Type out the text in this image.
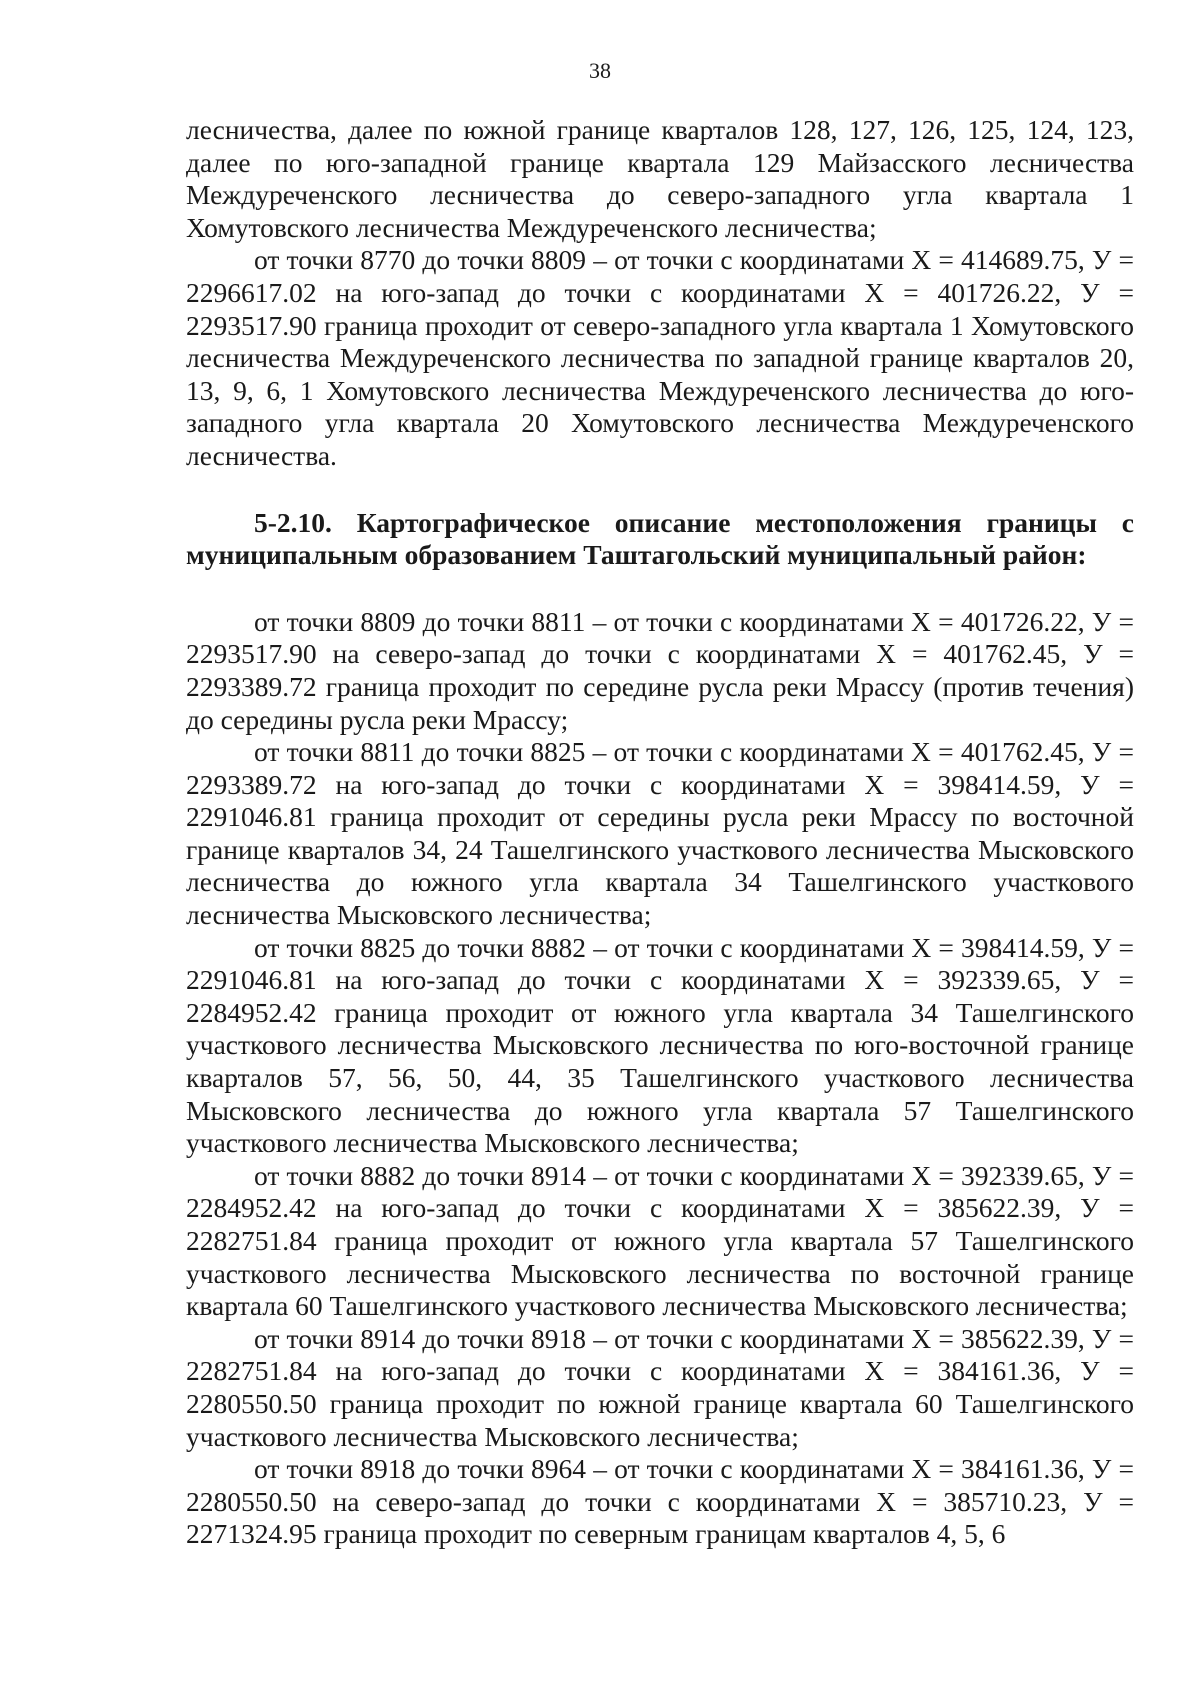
38

лесничества, далее по южной границе кварталов 128, 127, 126, 125, 124, 123, далее по юго-западной границе квартала 129 Майзасского лесничества Междуреченского лесничества до северо-западного угла квартала 1 Хомутовского лесничества Междуреченского лесничества;

от точки 8770 до точки 8809 – от точки с координатами Х = 414689.75, У = 2296617.02 на юго-запад до точки с координатами Х = 401726.22, У = 2293517.90 граница проходит от северо-западного угла квартала 1 Хомутовского лесничества Междуреченского лесничества по западной границе кварталов 20, 13, 9, 6, 1 Хомутовского лесничества Междуреченского лесничества до юго-западного угла квартала 20 Хомутовского лесничества Междуреченского лесничества.

5-2.10. Картографическое описание местоположения границы с муниципальным образованием Таштагольский муниципальный район:

от точки 8809 до точки 8811 – от точки с координатами Х = 401726.22, У = 2293517.90 на северо-запад до точки с координатами Х = 401762.45, У = 2293389.72 граница проходит по середине русла реки Мрассу (против течения) до середины русла реки Мрассу;

от точки 8811 до точки 8825 – от точки с координатами Х = 401762.45, У = 2293389.72 на юго-запад до точки с координатами Х = 398414.59, У = 2291046.81 граница проходит от середины русла реки Мрассу по восточной границе кварталов 34, 24 Ташелгинского участкового лесничества Мысковского лесничества до южного угла квартала 34 Ташелгинского участкового лесничества Мысковского лесничества;

от точки 8825 до точки 8882 – от точки с координатами Х = 398414.59, У = 2291046.81 на юго-запад до точки с координатами Х = 392339.65, У = 2284952.42 граница проходит от южного угла квартала 34 Ташелгинского участкового лесничества Мысковского лесничества по юго-восточной границе кварталов 57, 56, 50, 44, 35 Ташелгинского участкового лесничества Мысковского лесничества до южного угла квартала 57 Ташелгинского участкового лесничества Мысковского лесничества;

от точки 8882 до точки 8914 – от точки с координатами Х = 392339.65, У = 2284952.42 на юго-запад до точки с координатами Х = 385622.39, У = 2282751.84 граница проходит от южного угла квартала 57 Ташелгинского участкового лесничества Мысковского лесничества по восточной границе квартала 60 Ташелгинского участкового лесничества Мысковского лесничества;

от точки 8914 до точки 8918 – от точки с координатами Х = 385622.39, У = 2282751.84 на юго-запад до точки с координатами Х = 384161.36, У = 2280550.50 граница проходит по южной границе квартала 60 Ташелгинского участкового лесничества Мысковского лесничества;

от точки 8918 до точки 8964 – от точки с координатами Х = 384161.36, У = 2280550.50 на северо-запад до точки с координатами Х = 385710.23, У = 2271324.95 граница проходит по северным границам кварталов 4, 5, 6
